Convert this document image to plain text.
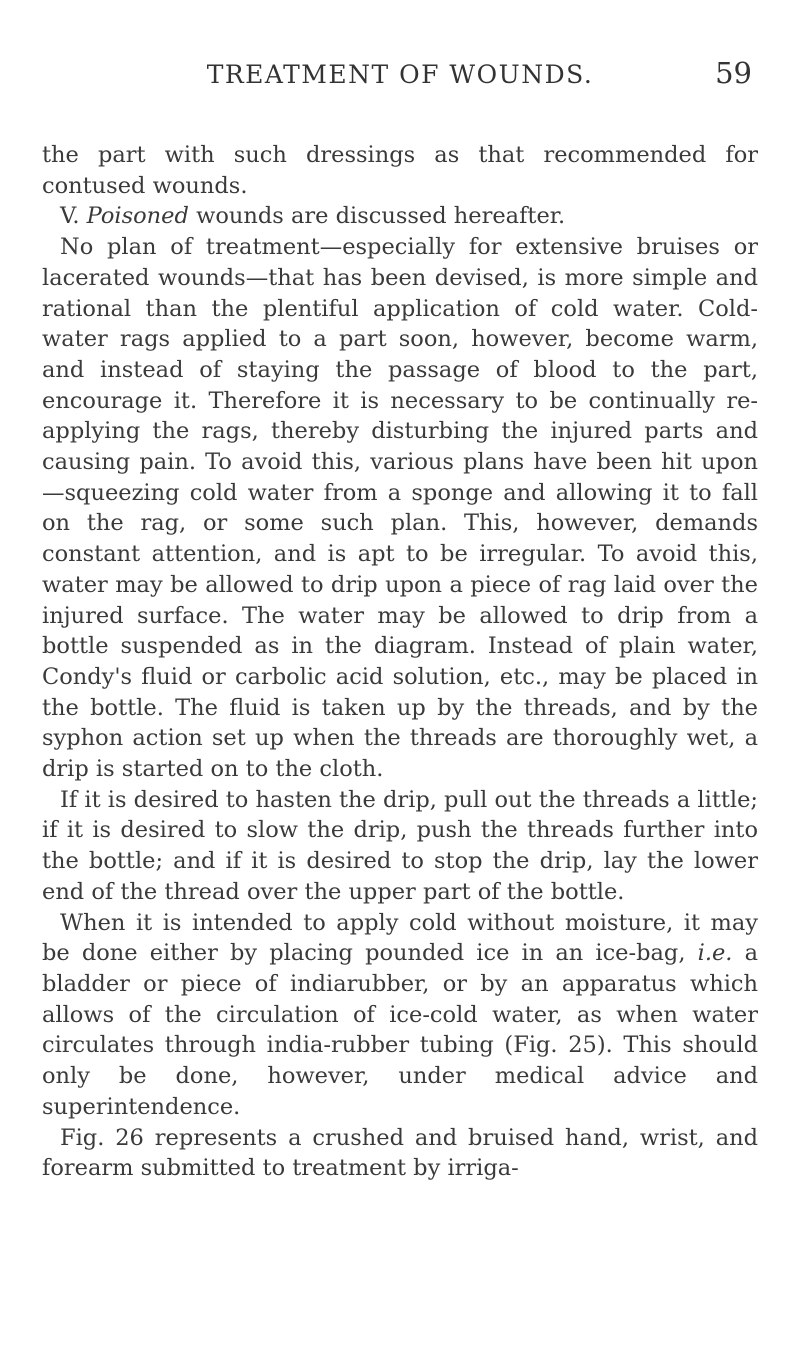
TREATMENT OF WOUNDS.	59

the part with such dressings as that recommended for contused wounds.

V. Poisoned wounds are discussed hereafter.

No plan of treatment—especially for extensive bruises or lacerated wounds—that has been devised, is more simple and rational than the plentiful application of cold water. Cold-water rags applied to a part soon, however, become warm, and instead of staying the passage of blood to the part, encourage it. Therefore it is necessary to be continually re-applying the rags, thereby disturbing the injured parts and causing pain. To avoid this, various plans have been hit upon—squeezing cold water from a sponge and allowing it to fall on the rag, or some such plan. This, however, demands constant attention, and is apt to be irregular. To avoid this, water may be allowed to drip upon a piece of rag laid over the injured surface. The water may be allowed to drip from a bottle suspended as in the diagram. Instead of plain water, Condy's fluid or carbolic acid solution, etc., may be placed in the bottle. The fluid is taken up by the threads, and by the syphon action set up when the threads are thoroughly wet, a drip is started on to the cloth.

If it is desired to hasten the drip, pull out the threads a little; if it is desired to slow the drip, push the threads further into the bottle; and if it is desired to stop the drip, lay the lower end of the thread over the upper part of the bottle.

When it is intended to apply cold without moisture, it may be done either by placing pounded ice in an ice-bag, i.e. a bladder or piece of indiarubber, or by an apparatus which allows of the circulation of ice-cold water, as when water circulates through india-rubber tubing (Fig. 25). This should only be done, however, under medical advice and superintendence.

Fig. 26 represents a crushed and bruised hand, wrist, and forearm submitted to treatment by irriga-
